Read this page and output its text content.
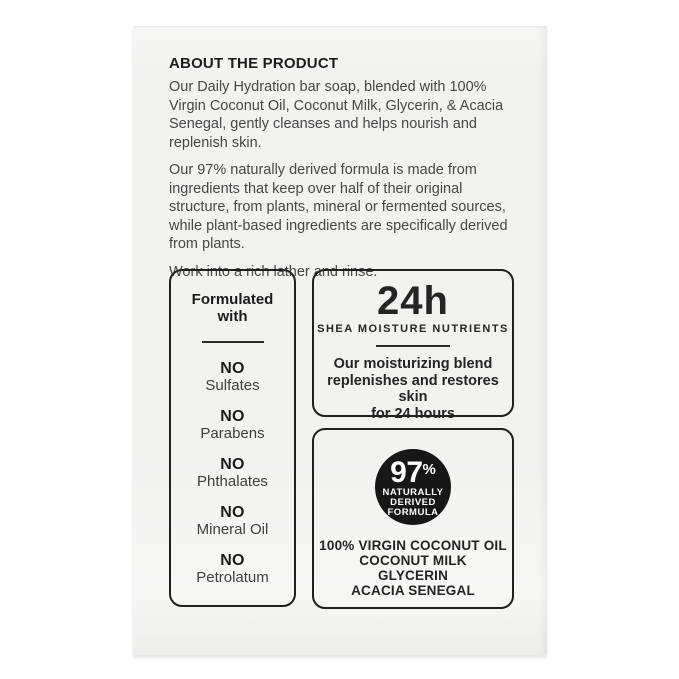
ABOUT THE PRODUCT

Our Daily Hydration bar soap, blended with 100% Virgin Coconut Oil, Coconut Milk, Glycerin, & Acacia Senegal, gently cleanses and helps nourish and replenish skin.

Our 97% naturally derived formula is made from ingredients that keep over half of their original structure, from plants, mineral or fermented sources, while plant-based ingredients are specifically derived from plants.

Work into a rich lather and rinse.

Formulated with
NO
Sulfates
NO
Parabens
NO
Phthalates
NO
Mineral Oil
NO
Petrolatum
24h
SHEA MOISTURE NUTRIENTS
Our moisturizing blend
replenishes and restores skin
for 24 hours
97%
NATURALLY
DERIVED
FORMULA
100% VIRGIN COCONUT OIL
COCONUT MILK
GLYCERIN
ACACIA SENEGAL
